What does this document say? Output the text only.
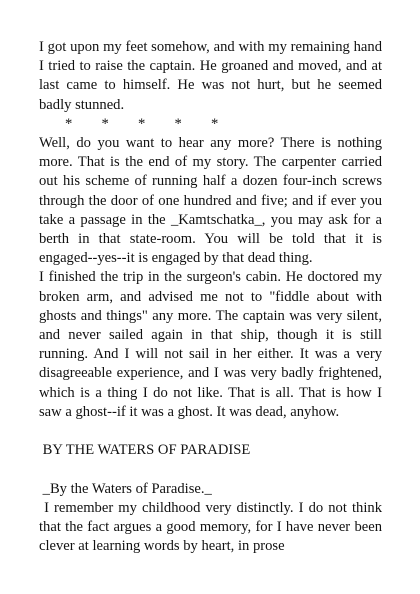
I got upon my feet somehow, and with my remaining hand I tried to raise the captain. He groaned and moved, and at last came to himself. He was not hurt, but he seemed badly stunned.

*        *        *        *        *

Well, do you want to hear any more? There is nothing more. That is the end of my story. The carpenter carried out his scheme of running half a dozen four-inch screws through the door of one hundred and five; and if ever you take a passage in the _Kamtschatka_, you may ask for a berth in that state-room. You will be told that it is engaged--yes--it is engaged by that dead thing.

I finished the trip in the surgeon's cabin. He doctored my broken arm, and advised me not to "fiddle about with ghosts and things" any more. The captain was very silent, and never sailed again in that ship, though it is still running. And I will not sail in her either. It was a very disagreeable experience, and I was very badly frightened, which is a thing I do not like. That is all. That is how I saw a ghost--if it was a ghost. It was dead, anyhow.

BY THE WATERS OF PARADISE
_By the Waters of Paradise._

I remember my childhood very distinctly. I do not think that the fact argues a good memory, for I have never been clever at learning words by heart, in prose
